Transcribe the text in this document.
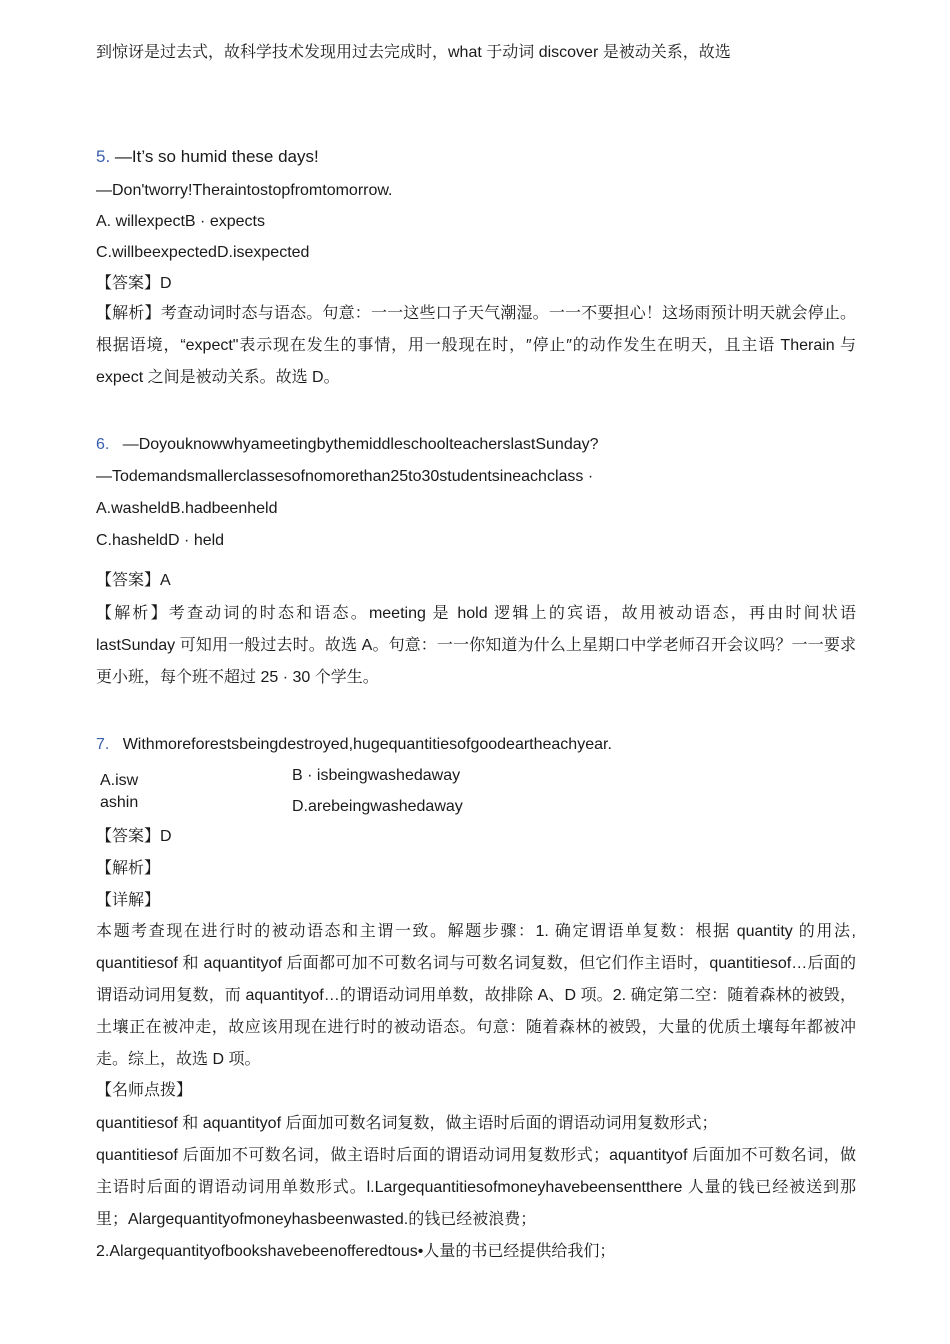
到惊讶是过去式，故科学技术发现用过去完成时，what 于动词 discover 是被动关系，故选
5. —It’s so humid these days!
—Don'tworry!Theraintostopfromtomorrow.
A. willexpectB · expects
C.willbeexpectedD.isexpected
【答案】D
【解析】考查动词时态与语态。句意：一一这些口子天气潮湿。一一不要担心！这场雨预计明天就会停止。根据语境，“expect"表示现在发生的事情，用一般现在时，″停止″的动作发生在明天，且主语 Therain 与 expect 之间是被动关系。故选 D。
6. —DoyouknowwhyameetingbythemiddleschoolteacherslastSunday?
—Todemandsmallerclassesofnomorethan25to30studentsineachclass ·
A.washeldB.hadbeenheld
C.hasheldD · held
【答案】A
【解析】考查动词的时态和语态。meeting 是 hold 逻辑上的宾语，故用被动语态，再由时间状语 lastSunday 可知用一般过去时。故选 A。句意：一一你知道为什么上星期口中学老师召开会议吗？一一要求更小班，每个班不超过 25 · 30 个学生。
7. Withmoreforestsbeingdestroyed,hugequantitiesofgoodeartheachyear.
A.isw
ashin
B · isbeingwashedaway
D.arebeingwashedaway
【答案】D
【解析】
【详解】
本题考查现在进行时的被动语态和主谓一致。解题步骤：1. 确定谓语单复数：根据 quantity 的用法, quantitiesof 和 aquantityof 后面都可加不可数名词与可数名词复数，但它们作主语时，quantitiesof…后面的谓语动词用复数，而 aquantityof…的谓语动词用单数，故排除 A、D 项。2. 确定第二空：随着森林的被毁，土壤正在被冲走，故应该用现在进行时的被动语态。句意：随着森林的被毁，大量的优质土壤每年都被冲走。综上，故选 D 项。
【名师点拨】
quantitiesof 和 aquantityof 后面加可数名词复数，做主语时后面的谓语动词用复数形式；
quantitiesof 后面加不可数名词，做主语时后面的谓语动词用复数形式；aquantityof 后面加不可数名词，做主语时后面的谓语动词用单数形式。l.Largequantitiesofmoneyhavebeensentthere 人量的钱已经被送到那里；Alargequantityofmoneyhasbeenwasted.的钱已经被浪费；
2.Alargequantityofbookshavebeenofferedtous•人量的书已经提供给我们；
